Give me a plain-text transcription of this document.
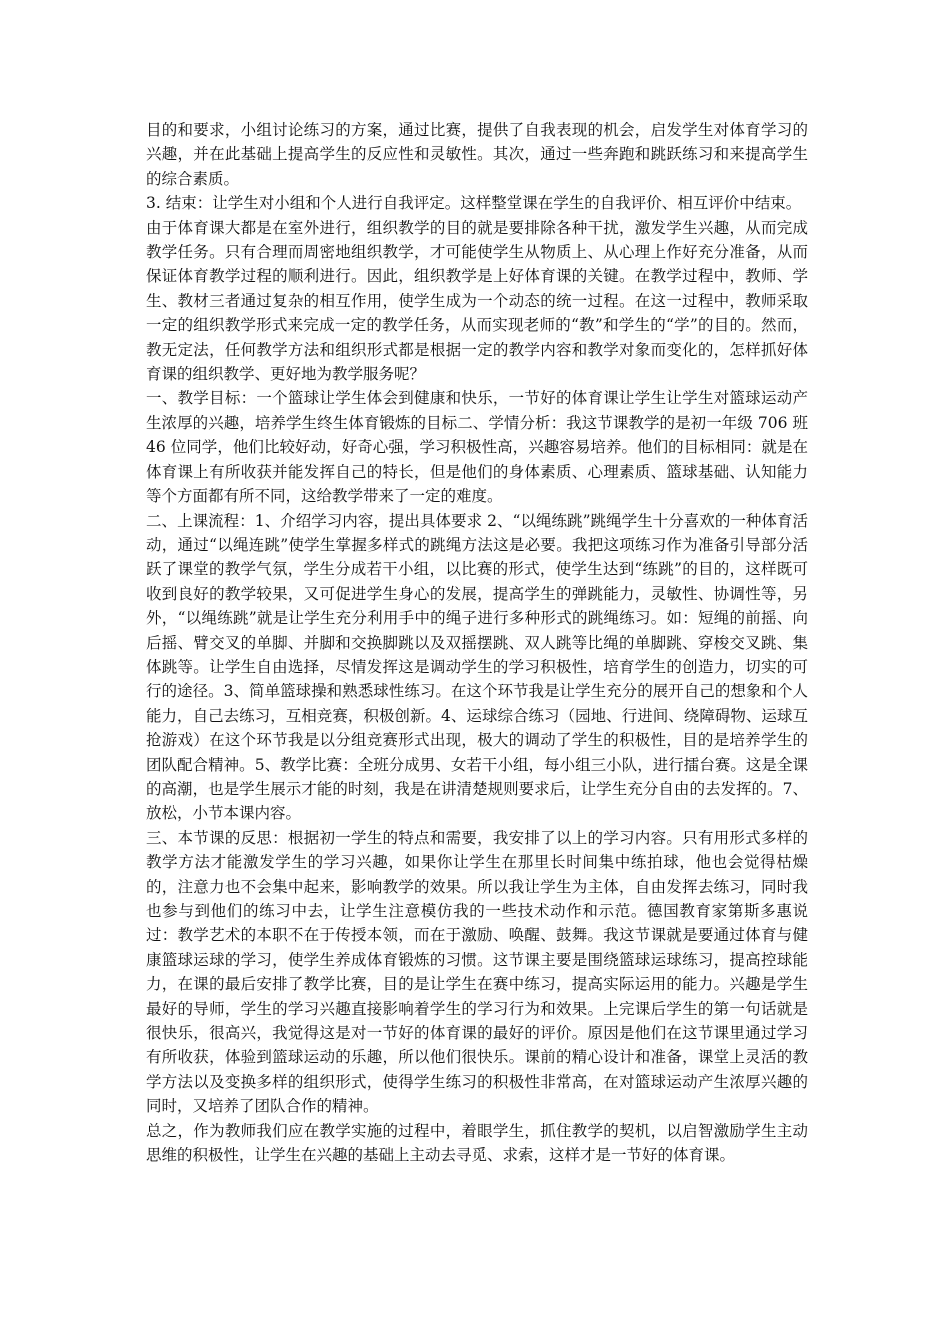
目的和要求，小组讨论练习的方案，通过比赛，提供了自我表现的机会，启发学生对体育学习的兴趣，并在此基础上提高学生的反应性和灵敏性。其次，通过一些奔跑和跳跃练习和来提高学生的综合素质。

3. 结束：让学生对小组和个人进行自我评定。这样整堂课在学生的自我评价、相互评价中结束。

由于体育课大都是在室外进行，组织教学的目的就是要排除各种干扰，激发学生兴趣，从而完成教学任务。只有合理而周密地组织教学，才可能使学生从物质上、从心理上作好充分准备，从而保证体育教学过程的顺利进行。因此，组织教学是上好体育课的关键。在教学过程中，教师、学生、教材三者通过复杂的相互作用，使学生成为一个动态的统一过程。在这一过程中，教师采取一定的组织教学形式来完成一定的教学任务，从而实现老师的“教”和学生的“学”的目的。然而，教无定法，任何教学方法和组织形式都是根据一定的教学内容和教学对象而变化的，怎样抓好体育课的组织教学、更好地为教学服务呢？

一、教学目标：一个篮球让学生体会到健康和快乐，一节好的体育课让学生让学生对篮球运动产生浓厚的兴趣，培养学生终生体育锻炼的目标二、学情分析：我这节课教学的是初一年级 706 班 46 位同学，他们比较好动，好奇心强，学习积极性高，兴趣容易培养。他们的目标相同：就是在体育课上有所收获并能发挥自己的特长，但是他们的身体素质、心理素质、篮球基础、认知能力等个方面都有所不同，这给教学带来了一定的难度。

二、上课流程：1、介绍学习内容，提出具体要求 2、“以绳练跳”跳绳学生十分喜欢的一种体育活动，通过“以绳连跳”使学生掌握多样式的跳绳方法这是必要。我把这项练习作为准备引导部分活跃了课堂的教学气氛，学生分成若干小组，以比赛的形式，使学生达到“练跳”的目的，这样既可收到良好的教学较果，又可促进学生身心的发展，提高学生的弹跳能力，灵敏性、协调性等，另外，“以绳练跳”就是让学生充分利用手中的绳子进行多种形式的跳绳练习。如：短绳的前摇、向后摇、臂交叉的单脚、并脚和交换脚跳以及双摇摆跳、双人跳等比绳的单脚跳、穿梭交叉跳、集体跳等。让学生自由选择，尽情发挥这是调动学生的学习积极性，培育学生的创造力，切实的可行的途径。3、简单篮球操和熟悉球性练习。在这个环节我是让学生充分的展开自己的想象和个人能力，自己去练习，互相竞赛，积极创新。4、运球综合练习（园地、行进间、绕障碍物、运球互抢游戏）在这个环节我是以分组竞赛形式出现，极大的调动了学生的积极性，目的是培养学生的团队配合精神。5、教学比赛：全班分成男、女若干小组，每小组三小队，进行擂台赛。这是全课的高潮，也是学生展示才能的时刻，我是在讲清楚规则要求后，让学生充分自由的去发挥的。7、放松，小节本课内容。

三、本节课的反思：根据初一学生的特点和需要，我安排了以上的学习内容。只有用形式多样的教学方法才能激发学生的学习兴趣，如果你让学生在那里长时间集中练拍球，他也会觉得枯燥的，注意力也不会集中起来，影响教学的效果。所以我让学生为主体，自由发挥去练习，同时我也参与到他们的练习中去，让学生注意模仿我的一些技术动作和示范。德国教育家第斯多惠说过：教学艺术的本职不在于传授本领，而在于激励、唤醒、鼓舞。我这节课就是要通过体育与健康篮球运球的学习，使学生养成体育锻炼的习惯。这节课主要是围绕篮球运球练习，提高控球能力，在课的最后安排了教学比赛，目的是让学生在赛中练习，提高实际运用的能力。兴趣是学生最好的导师，学生的学习兴趣直接影响着学生的学习行为和效果。上完课后学生的第一句话就是很快乐，很高兴，我觉得这是对一节好的体育课的最好的评价。原因是他们在这节课里通过学习有所收获，体验到篮球运动的乐趣，所以他们很快乐。课前的精心设计和准备，课堂上灵活的教学方法以及变换多样的组织形式，使得学生练习的积极性非常高，在对篮球运动产生浓厚兴趣的同时，又培养了团队合作的精神。

总之，作为教师我们应在教学实施的过程中，着眼学生，抓住教学的契机，以启智激励学生主动思维的积极性，让学生在兴趣的基础上主动去寻觅、求索，这样才是一节好的体育课。
